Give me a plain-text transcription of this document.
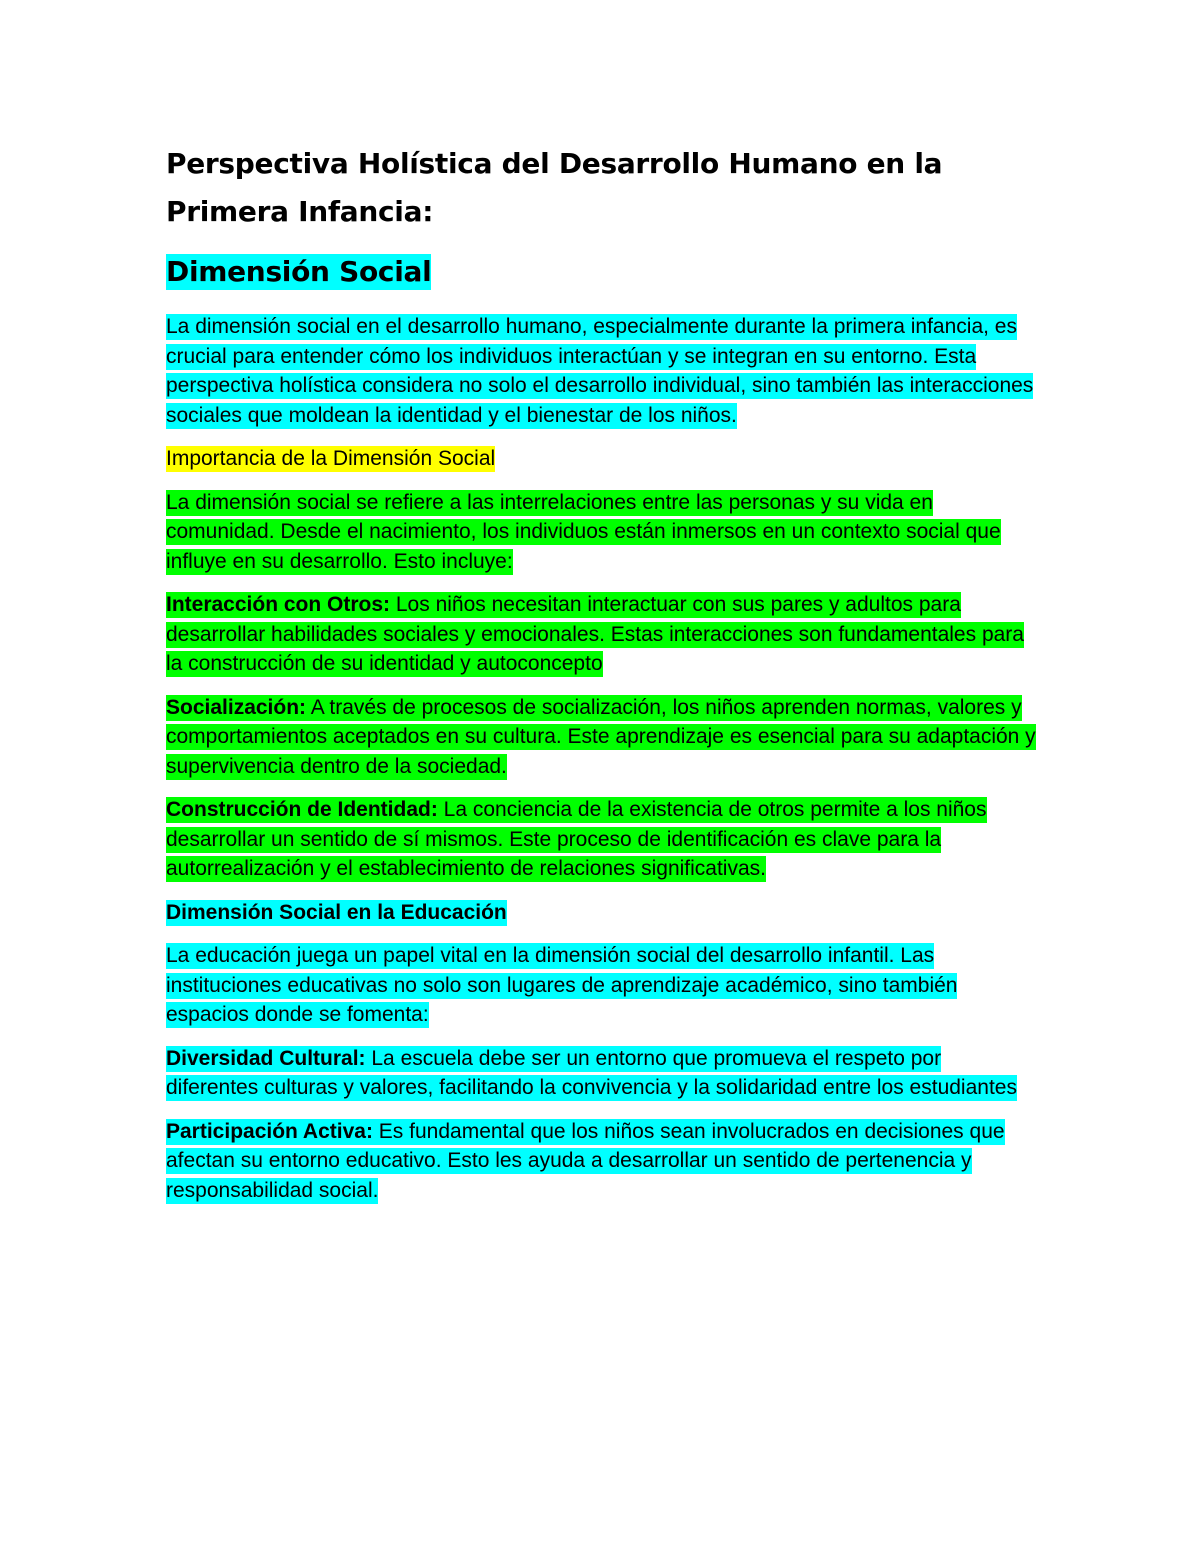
Perspectiva Holística del Desarrollo Humano en la Primera Infancia:
Dimensión Social

La dimensión social en el desarrollo humano, especialmente durante la primera infancia, es crucial para entender cómo los individuos interactúan y se integran en su entorno. Esta perspectiva holística considera no solo el desarrollo individual, sino también las interacciones sociales que moldean la identidad y el bienestar de los niños.

Importancia de la Dimensión Social

La dimensión social se refiere a las interrelaciones entre las personas y su vida en comunidad. Desde el nacimiento, los individuos están inmersos en un contexto social que influye en su desarrollo. Esto incluye:

Interacción con Otros: Los niños necesitan interactuar con sus pares y adultos para desarrollar habilidades sociales y emocionales. Estas interacciones son fundamentales para la construcción de su identidad y autoconcepto

Socialización: A través de procesos de socialización, los niños aprenden normas, valores y comportamientos aceptados en su cultura. Este aprendizaje es esencial para su adaptación y supervivencia dentro de la sociedad.

Construcción de Identidad: La conciencia de la existencia de otros permite a los niños desarrollar un sentido de sí mismos. Este proceso de identificación es clave para la autorrealización y el establecimiento de relaciones significativas.

Dimensión Social en la Educación

La educación juega un papel vital en la dimensión social del desarrollo infantil. Las instituciones educativas no solo son lugares de aprendizaje académico, sino también espacios donde se fomenta:

Diversidad Cultural: La escuela debe ser un entorno que promueva el respeto por diferentes culturas y valores, facilitando la convivencia y la solidaridad entre los estudiantes

Participación Activa: Es fundamental que los niños sean involucrados en decisiones que afectan su entorno educativo. Esto les ayuda a desarrollar un sentido de pertenencia y responsabilidad social.
